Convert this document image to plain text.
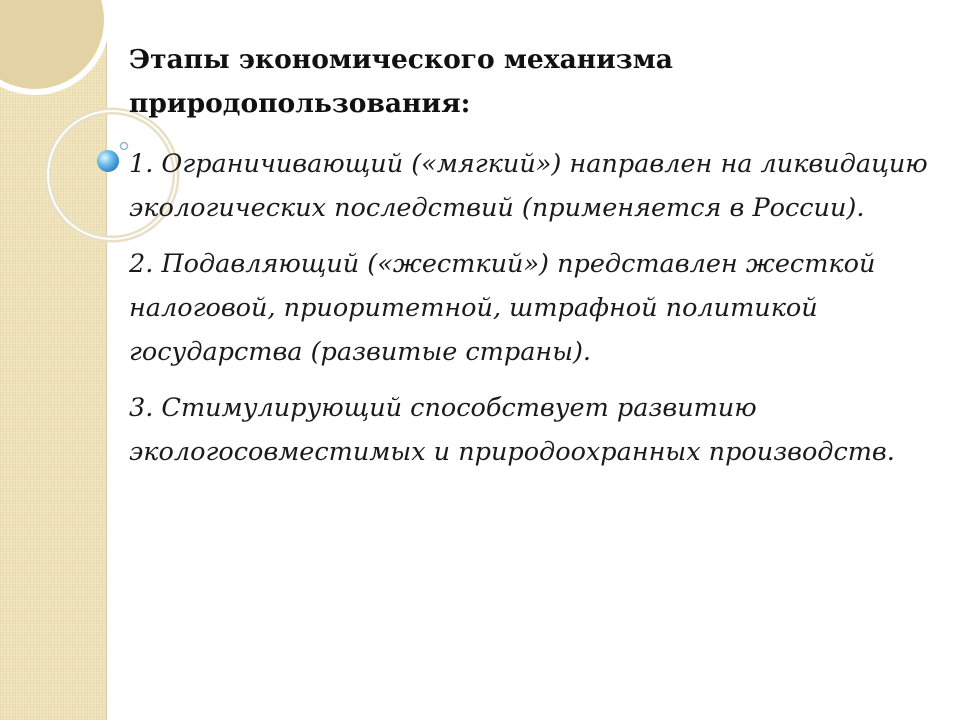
Этапы экономического механизма природопользования:

1. Ограничивающий («мягкий») направлен на ликвидацию экологических последствий (применяется в России).

2. Подавляющий («жесткий») представлен жесткой налоговой, приоритетной, штрафной политикой государства (развитые страны).

3. Стимулирующий способствует развитию экологосовместимых и природоохранных производств.
